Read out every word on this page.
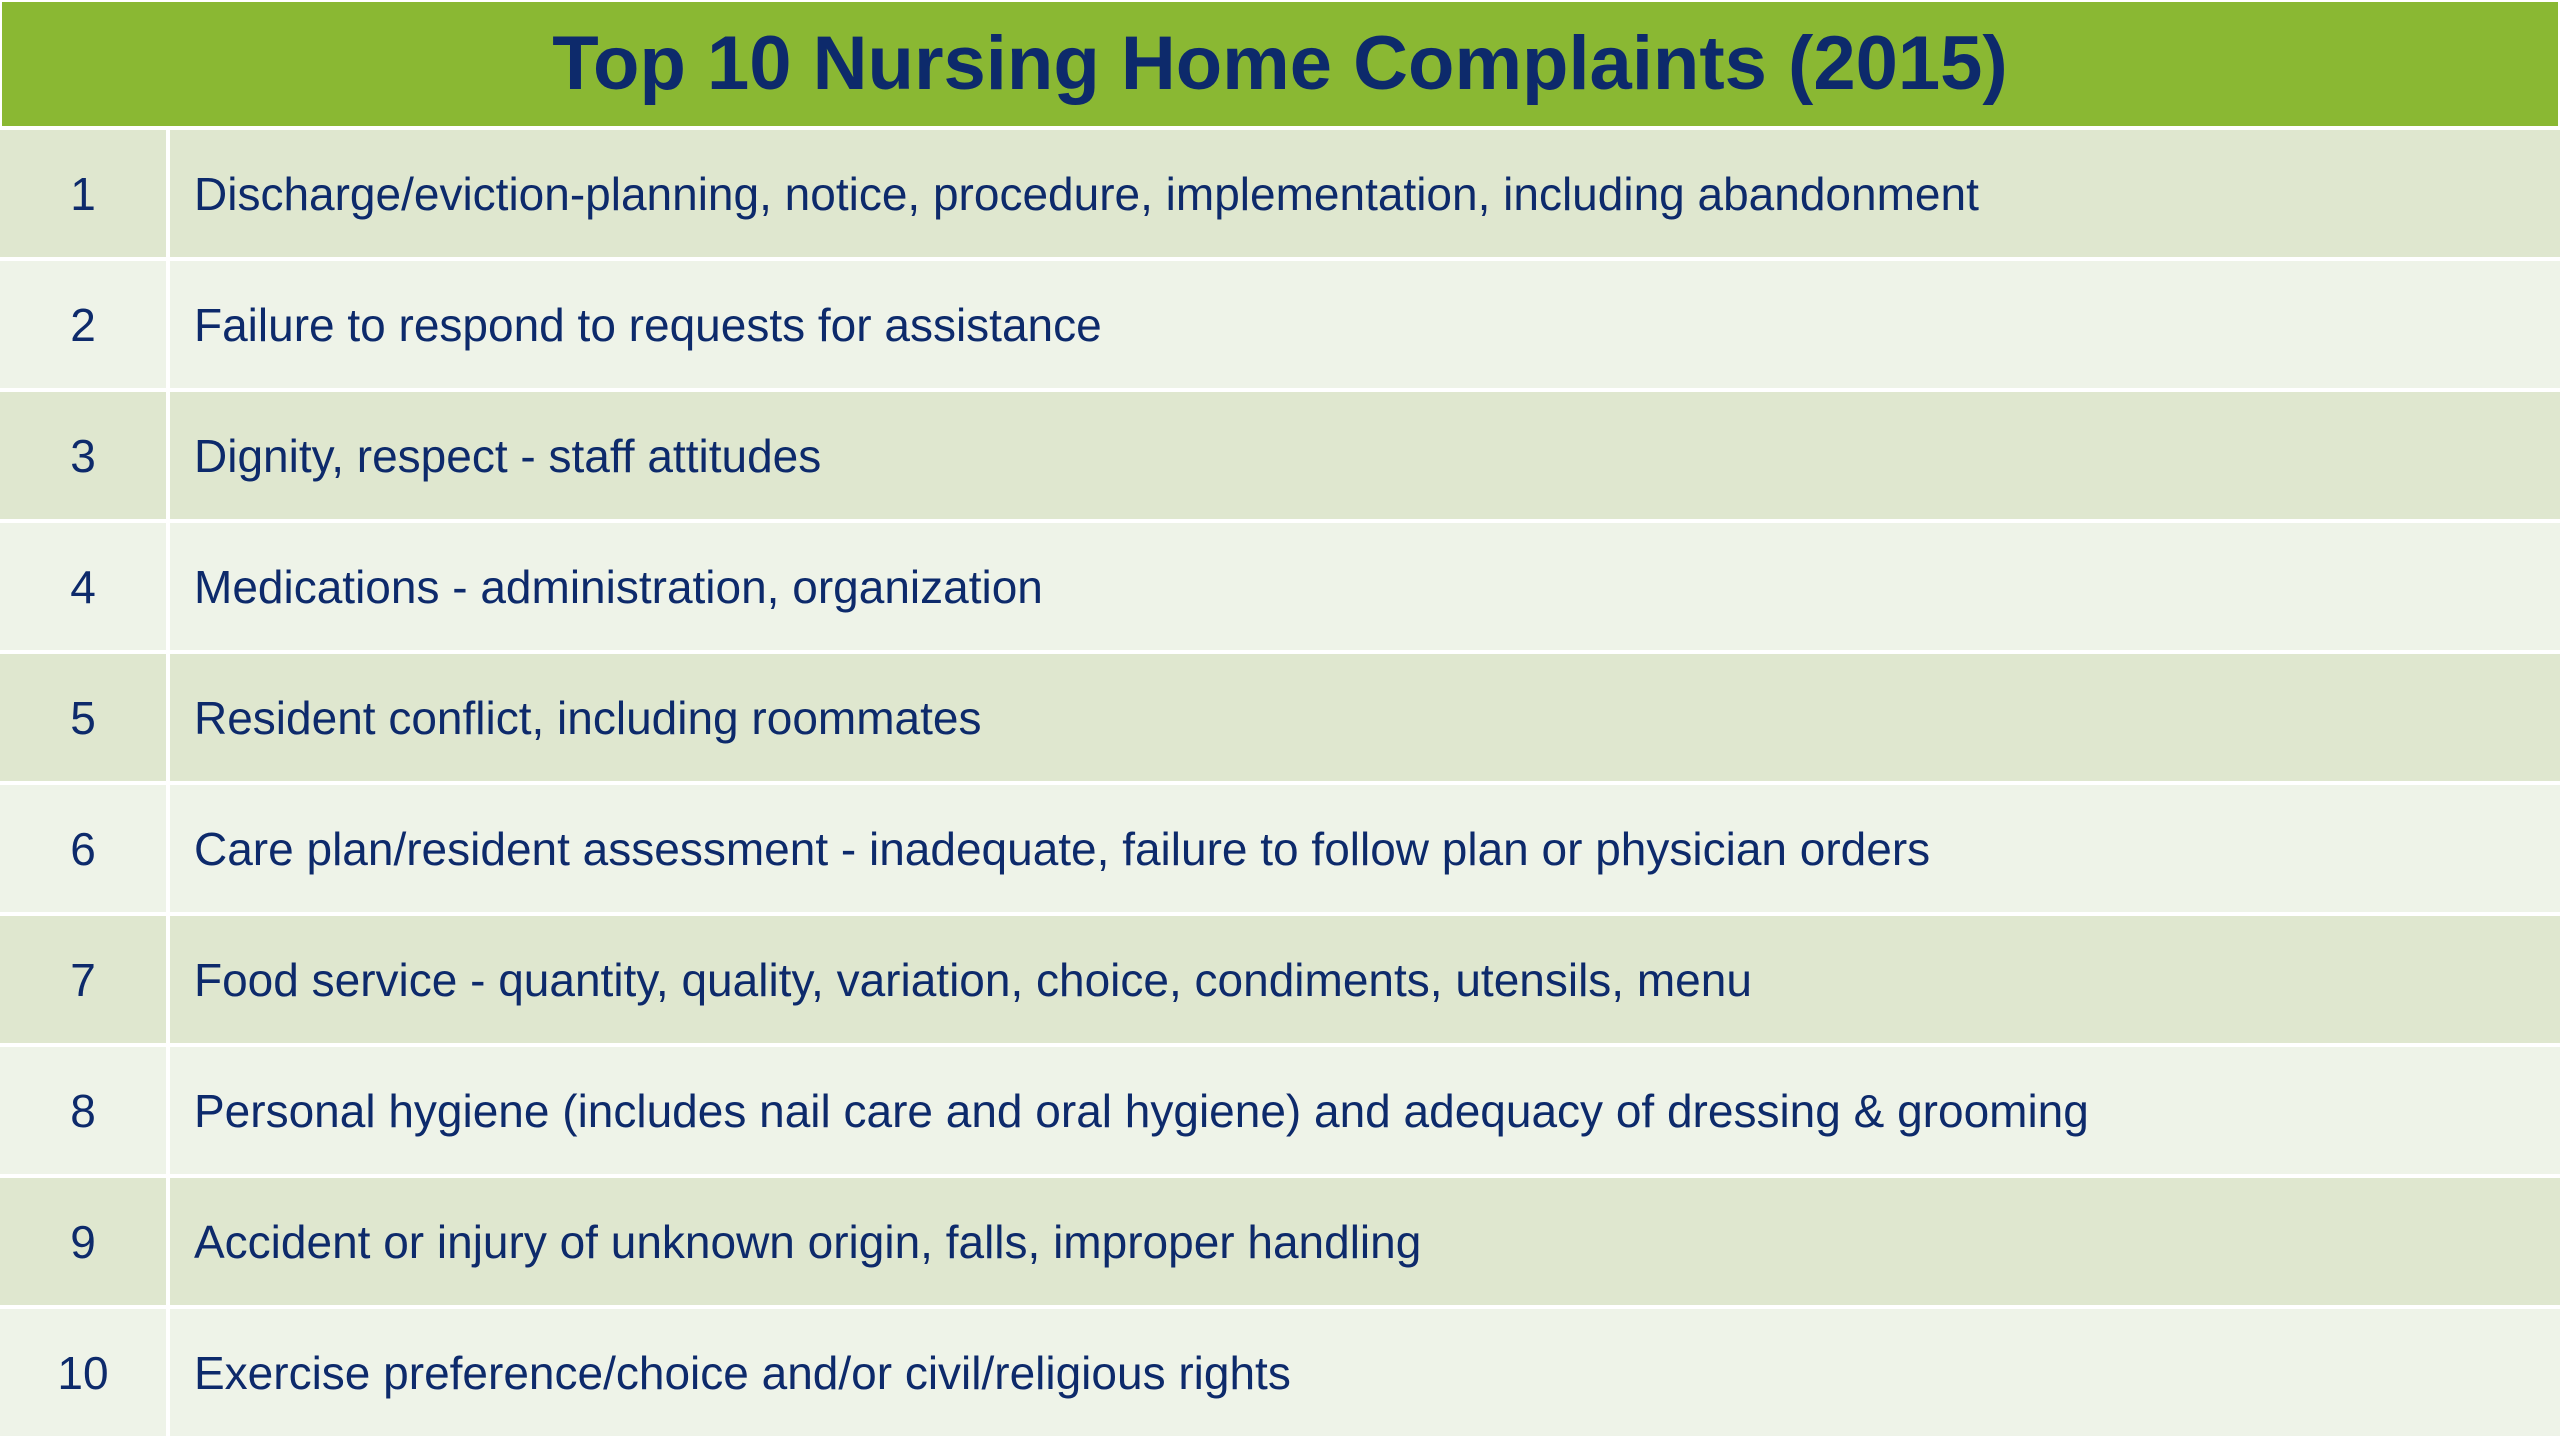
Top 10 Nursing Home Complaints (2015)
1	Discharge/eviction-planning, notice, procedure, implementation, including abandonment
2	Failure to respond to requests for assistance
3	Dignity, respect - staff attitudes
4	Medications - administration, organization
5	Resident conflict, including roommates
6	Care plan/resident assessment - inadequate, failure to follow plan or physician orders
7	Food service - quantity, quality, variation, choice, condiments, utensils, menu
8	Personal hygiene (includes nail care and oral hygiene) and adequacy of dressing & grooming
9	Accident or injury of unknown origin, falls, improper handling
10	Exercise preference/choice and/or civil/religious rights
